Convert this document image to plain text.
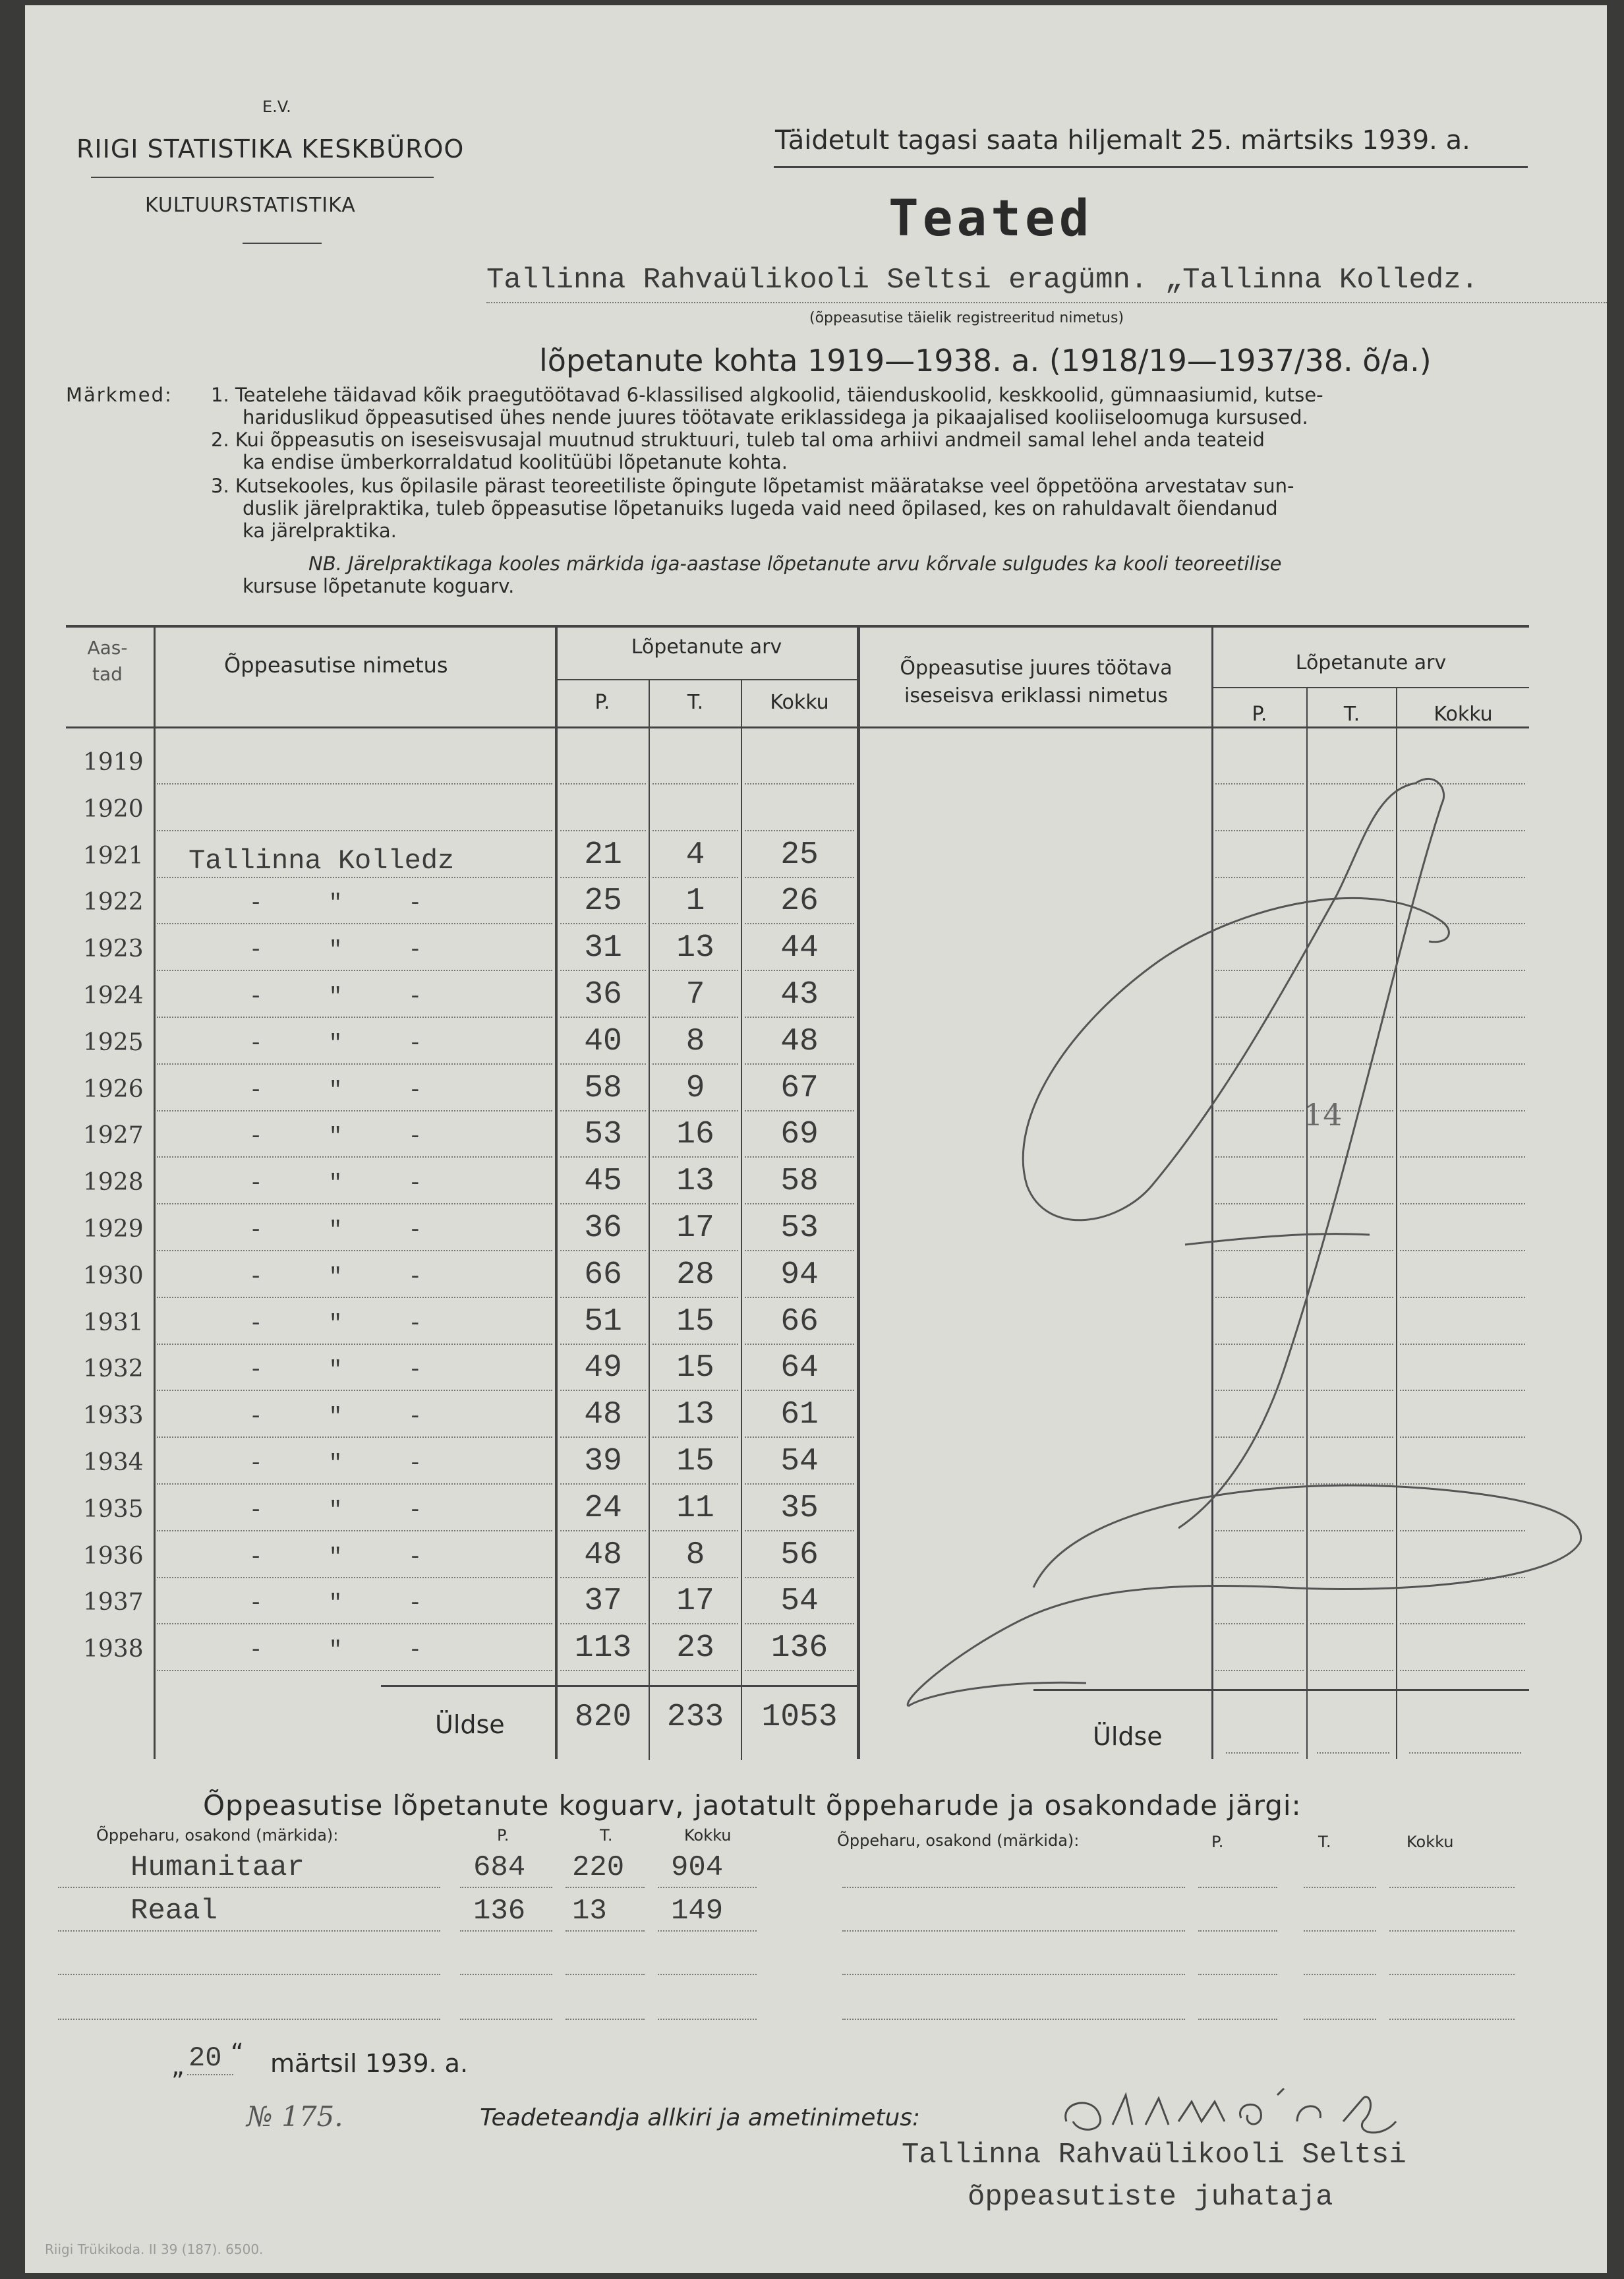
E.V.
RIIGI STATISTIKA KESKBÜROO
KULTUURSTATISTIKA
Täidetult tagasi saata hiljemalt 25. märtsiks 1939. a.
Teated
Tallinna Rahvaülikooli Seltsi eragümn. „Tallinna Kolledz.
(õppeasutise täielik registreeritud nimetus)
lõpetanute kohta 1919—1938. a. (1918/19—1937/38. õ/a.)
Märkmed: 1. Teatelehe täidavad kõik praegutöötavad 6-klassilised algkoolid, täienduskoolid, keskkoolid, gümnaasiumid, kutse-
hariduslikud õppeasutised ühes nende juures töötavate eriklassidega ja pikaajalised kooliiseloomuga kursused.
2. Kui õppeasutis on iseseisvusajal muutnud struktuuri, tuleb tal oma arhiivi andmeil samal lehel anda teateid
ka endise ümberkorraldatud koolitüübi lõpetanute kohta.
3. Kutsekooles, kus õpilasile pärast teoreetiliste õpingute lõpetamist määratakse veel õppetööna arvestatav sun-
duslik järelpraktika, tuleb õppeasutise lõpetanuiks lugeda vaid need õpilased, kes on rahuldavalt õiendanud
ka järelpraktika.
NB. Järelpraktikaga kooles märkida iga-aastase lõpetanute arvu kõrvale sulgudes ka kooli teoreetilise
kursuse lõpetanute koguarv.
Aas-
tad	Õppeasutise nimetus
Lõpetanute arv
P.	T.	Kokku
Õppeasutise juures töötava
iseseisva eriklassi nimetus
Lõpetanute arv
P.	T.	Kokku
1919
1920
1921 Tallinna Kolledz	21	4	25
1922	- " -	25	1	26
1923	- " -	31	13	44
1924	- " -	36	7	43
1925	- " -	40	8	48
1926	- " -	58	9	67
1927	- " -	53	16	69
1928	- " -	45	13	58
1929	- " -	36	17	53
1930	- " -	66	28	94
1931	- " -	51	15	66
1932	- " -	49	15	64
1933	- " -	48	13	61
1934	- " -	39	15	54
1935	- " -	24	11	35
1936	- " -	48	8	56
1937	- " -	37	17	54
1938	- " -	113	23	136
Üldse	820	233	1053
Üldse
14
Õppeasutise lõpetanute koguarv, jaotatult õppeharude ja osakondade järgi:
Õppeharu, osakond (märkida):	P.	T.	Kokku	Õppeharu, osakond (märkida):	P.	T.	Kokku
Humanitaar	684 220 904
Reaal	136 13 149
„ 20 “ märtsil 1939. a.
№ 175.	Teadeteandja allkiri ja ametinimetus:
Tallinna Rahvaülikooli Seltsi
õppeasutiste juhataja
Riigi Trükikoda. II 39 (187). 6500.
